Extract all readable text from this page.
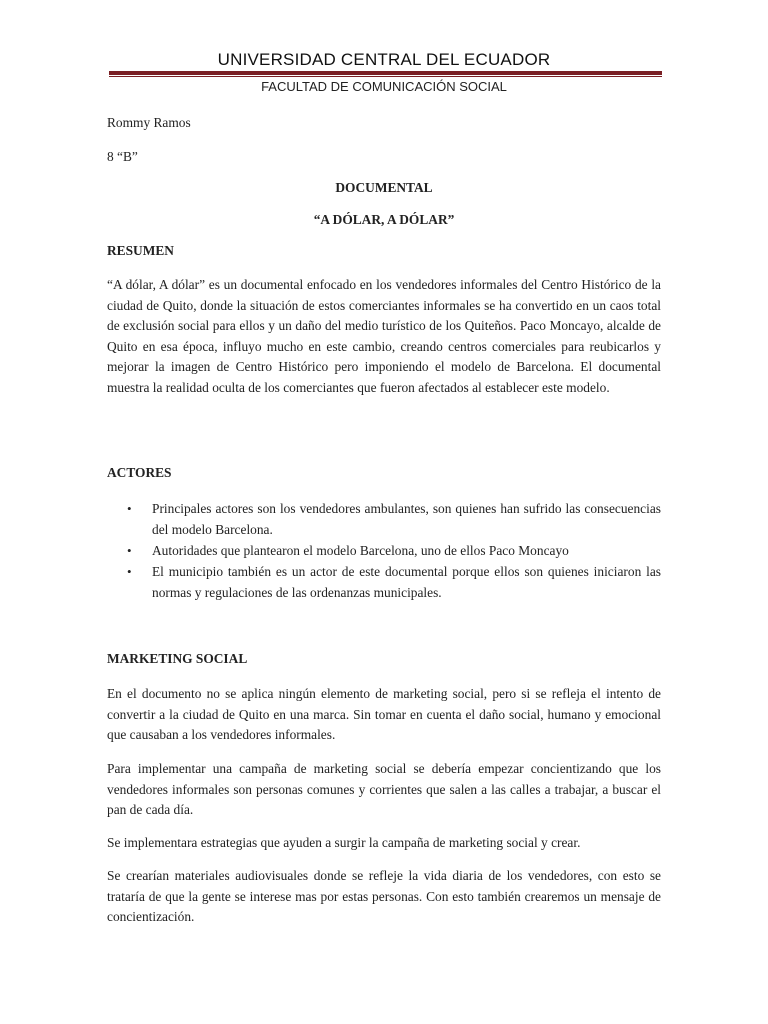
UNIVERSIDAD CENTRAL DEL ECUADOR
FACULTAD DE COMUNICACIÓN SOCIAL
Rommy Ramos
8 “B”
DOCUMENTAL
“A DÓLAR, A DÓLAR”
RESUMEN
“A dólar, A dólar” es un documental enfocado en los vendedores informales del Centro Histórico de la ciudad de Quito, donde la situación de estos comerciantes informales se ha convertido en un caos total de exclusión social para ellos y un daño del medio turístico de los Quiteños. Paco Moncayo, alcalde de Quito en esa época, influyo mucho en este cambio, creando centros comerciales para reubicarlos y mejorar la imagen de Centro Histórico pero imponiendo el modelo de Barcelona. El documental muestra la realidad oculta de los comerciantes que fueron afectados al establecer este modelo.
ACTORES
• Principales actores son los vendedores ambulantes, son quienes han sufrido las consecuencias del modelo Barcelona.
• Autoridades que plantearon el modelo Barcelona, uno de ellos Paco Moncayo
• El municipio también es un actor de este documental porque ellos son quienes iniciaron las normas y regulaciones de las ordenanzas municipales.
MARKETING SOCIAL
En el documento no se aplica ningún elemento de marketing social, pero si se refleja el intento de convertir a la ciudad de Quito en una marca. Sin tomar en cuenta el daño social, humano y emocional que causaban a los vendedores informales.
Para implementar una campaña de marketing social se debería empezar concientizando que los vendedores informales son personas comunes y corrientes que salen a las calles a trabajar, a buscar el pan de cada día.
Se implementara estrategias que ayuden a surgir la campaña de marketing social y crear.
Se crearían materiales audiovisuales donde se refleje la vida diaria de los vendedores, con esto se trataría de que la gente se interese mas por estas personas. Con esto también crearemos un mensaje de concientización.
